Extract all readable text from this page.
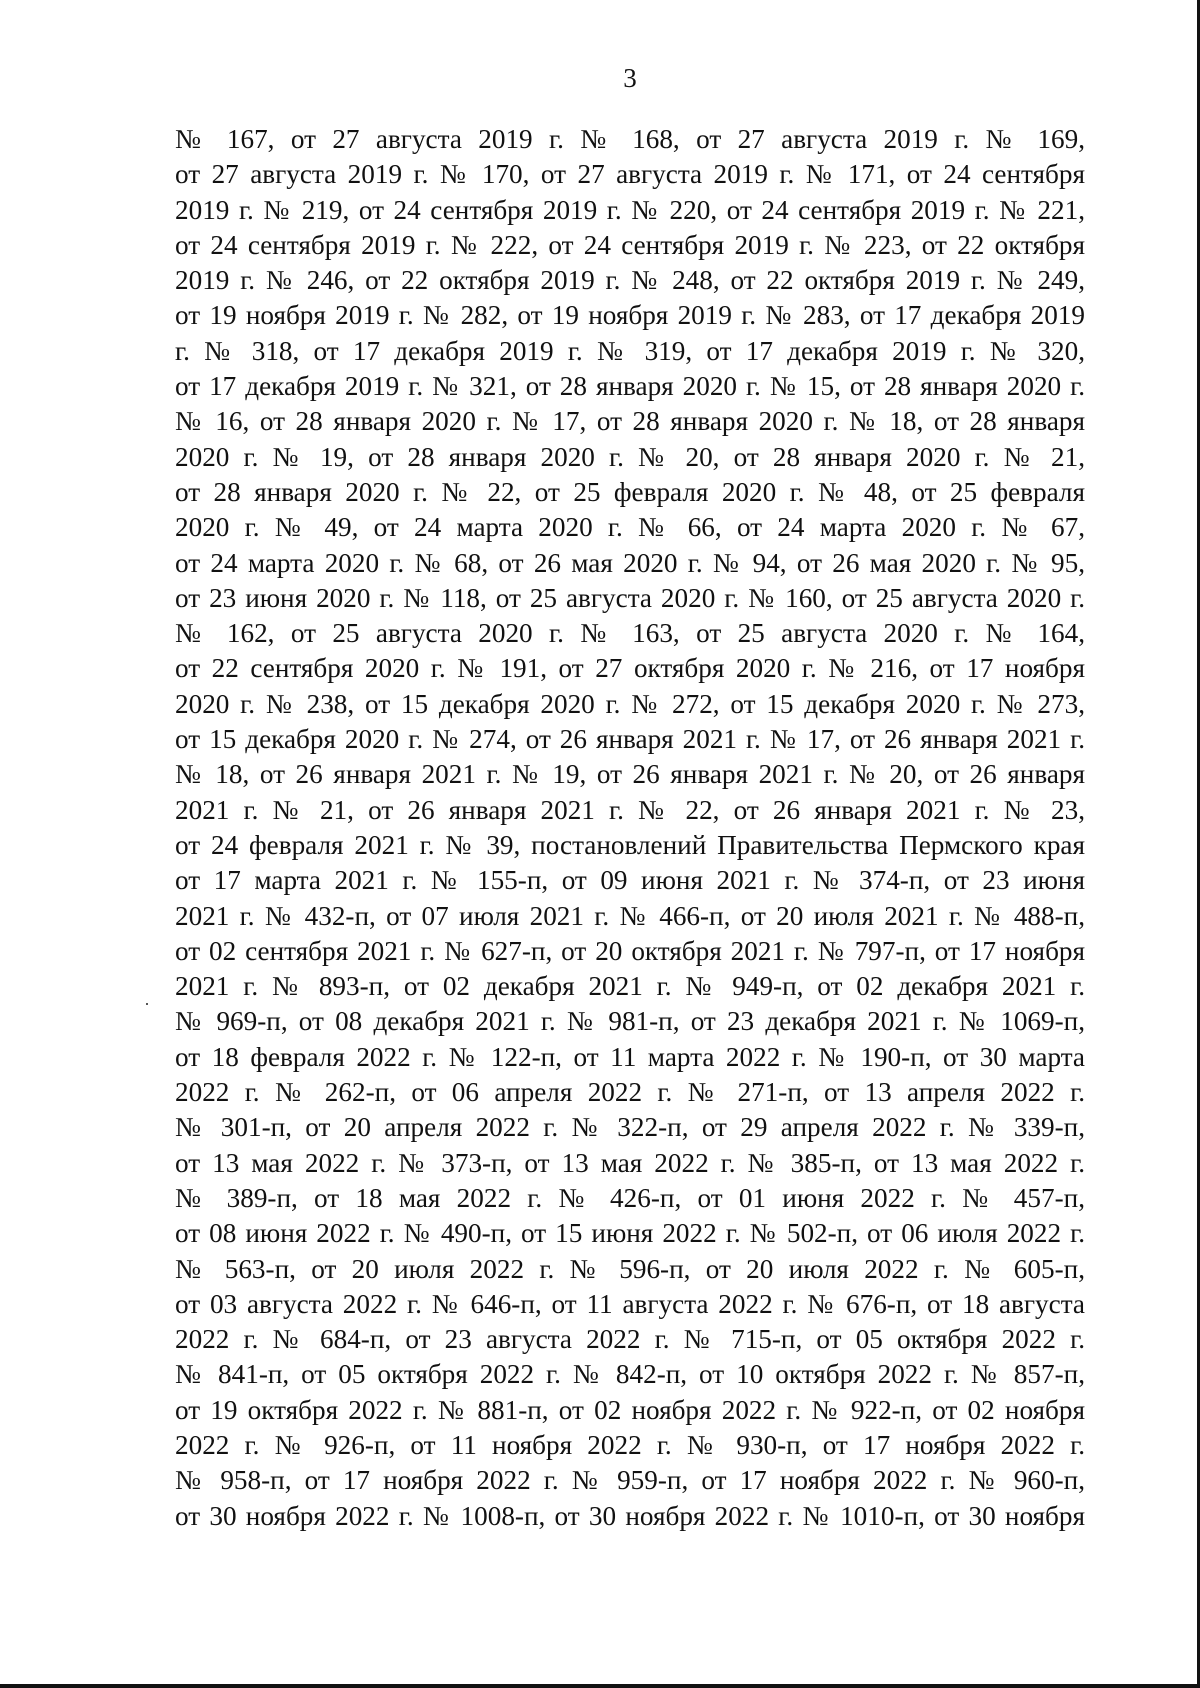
3
№ 167, от 27 августа 2019 г. № 168, от 27 августа 2019 г. № 169,
от 27 августа 2019 г. № 170, от 27 августа 2019 г. № 171, от 24 сентября
2019 г. № 219, от 24 сентября 2019 г. № 220, от 24 сентября 2019 г. № 221,
от 24 сентября 2019 г. № 222, от 24 сентября 2019 г. № 223, от 22 октября
2019 г. № 246, от 22 октября 2019 г. № 248, от 22 октября 2019 г. № 249,
от 19 ноября 2019 г. № 282, от 19 ноября 2019 г. № 283, от 17 декабря 2019
г. № 318, от 17 декабря 2019 г. № 319, от 17 декабря 2019 г. № 320,
от 17 декабря 2019 г. № 321, от 28 января 2020 г. № 15, от 28 января 2020 г.
№ 16, от 28 января 2020 г. № 17, от 28 января 2020 г. № 18, от 28 января
2020 г. № 19, от 28 января 2020 г. № 20, от 28 января 2020 г. № 21,
от 28 января 2020 г. № 22, от 25 февраля 2020 г. № 48, от 25 февраля
2020 г. № 49, от 24 марта 2020 г. № 66, от 24 марта 2020 г. № 67,
от 24 марта 2020 г. № 68, от 26 мая 2020 г. № 94, от 26 мая 2020 г. № 95,
от 23 июня 2020 г. № 118, от 25 августа 2020 г. № 160, от 25 августа 2020 г.
№ 162, от 25 августа 2020 г. № 163, от 25 августа 2020 г. № 164,
от 22 сентября 2020 г. № 191, от 27 октября 2020 г. № 216, от 17 ноября
2020 г. № 238, от 15 декабря 2020 г. № 272, от 15 декабря 2020 г. № 273,
от 15 декабря 2020 г. № 274, от 26 января 2021 г. № 17, от 26 января 2021 г.
№ 18, от 26 января 2021 г. № 19, от 26 января 2021 г. № 20, от 26 января
2021 г. № 21, от 26 января 2021 г. № 22, от 26 января 2021 г. № 23,
от 24 февраля 2021 г. № 39, постановлений Правительства Пермского края
от 17 марта 2021 г. № 155-п, от 09 июня 2021 г. № 374-п, от 23 июня
2021 г. № 432-п, от 07 июля 2021 г. № 466-п, от 20 июля 2021 г. № 488-п,
от 02 сентября 2021 г. № 627-п, от 20 октября 2021 г. № 797-п, от 17 ноября
2021 г. № 893-п, от 02 декабря 2021 г. № 949-п, от 02 декабря 2021 г.
№ 969-п, от 08 декабря 2021 г. № 981-п, от 23 декабря 2021 г. № 1069-п,
от 18 февраля 2022 г. № 122-п, от 11 марта 2022 г. № 190-п, от 30 марта
2022 г. № 262-п, от 06 апреля 2022 г. № 271-п, от 13 апреля 2022 г.
№ 301-п, от 20 апреля 2022 г. № 322-п, от 29 апреля 2022 г. № 339-п,
от 13 мая 2022 г. № 373-п, от 13 мая 2022 г. № 385-п, от 13 мая 2022 г.
№ 389-п, от 18 мая 2022 г. № 426-п, от 01 июня 2022 г. № 457-п,
от 08 июня 2022 г. № 490-п, от 15 июня 2022 г. № 502-п, от 06 июля 2022 г.
№ 563-п, от 20 июля 2022 г. № 596-п, от 20 июля 2022 г. № 605-п,
от 03 августа 2022 г. № 646-п, от 11 августа 2022 г. № 676-п, от 18 августа
2022 г. № 684-п, от 23 августа 2022 г. № 715-п, от 05 октября 2022 г.
№ 841-п, от 05 октября 2022 г. № 842-п, от 10 октября 2022 г. № 857-п,
от 19 октября 2022 г. № 881-п, от 02 ноября 2022 г. № 922-п, от 02 ноября
2022 г. № 926-п, от 11 ноября 2022 г. № 930-п, от 17 ноября 2022 г.
№ 958-п, от 17 ноября 2022 г. № 959-п, от 17 ноября 2022 г. № 960-п,
от 30 ноября 2022 г. № 1008-п, от 30 ноября 2022 г. № 1010-п, от 30 ноября
